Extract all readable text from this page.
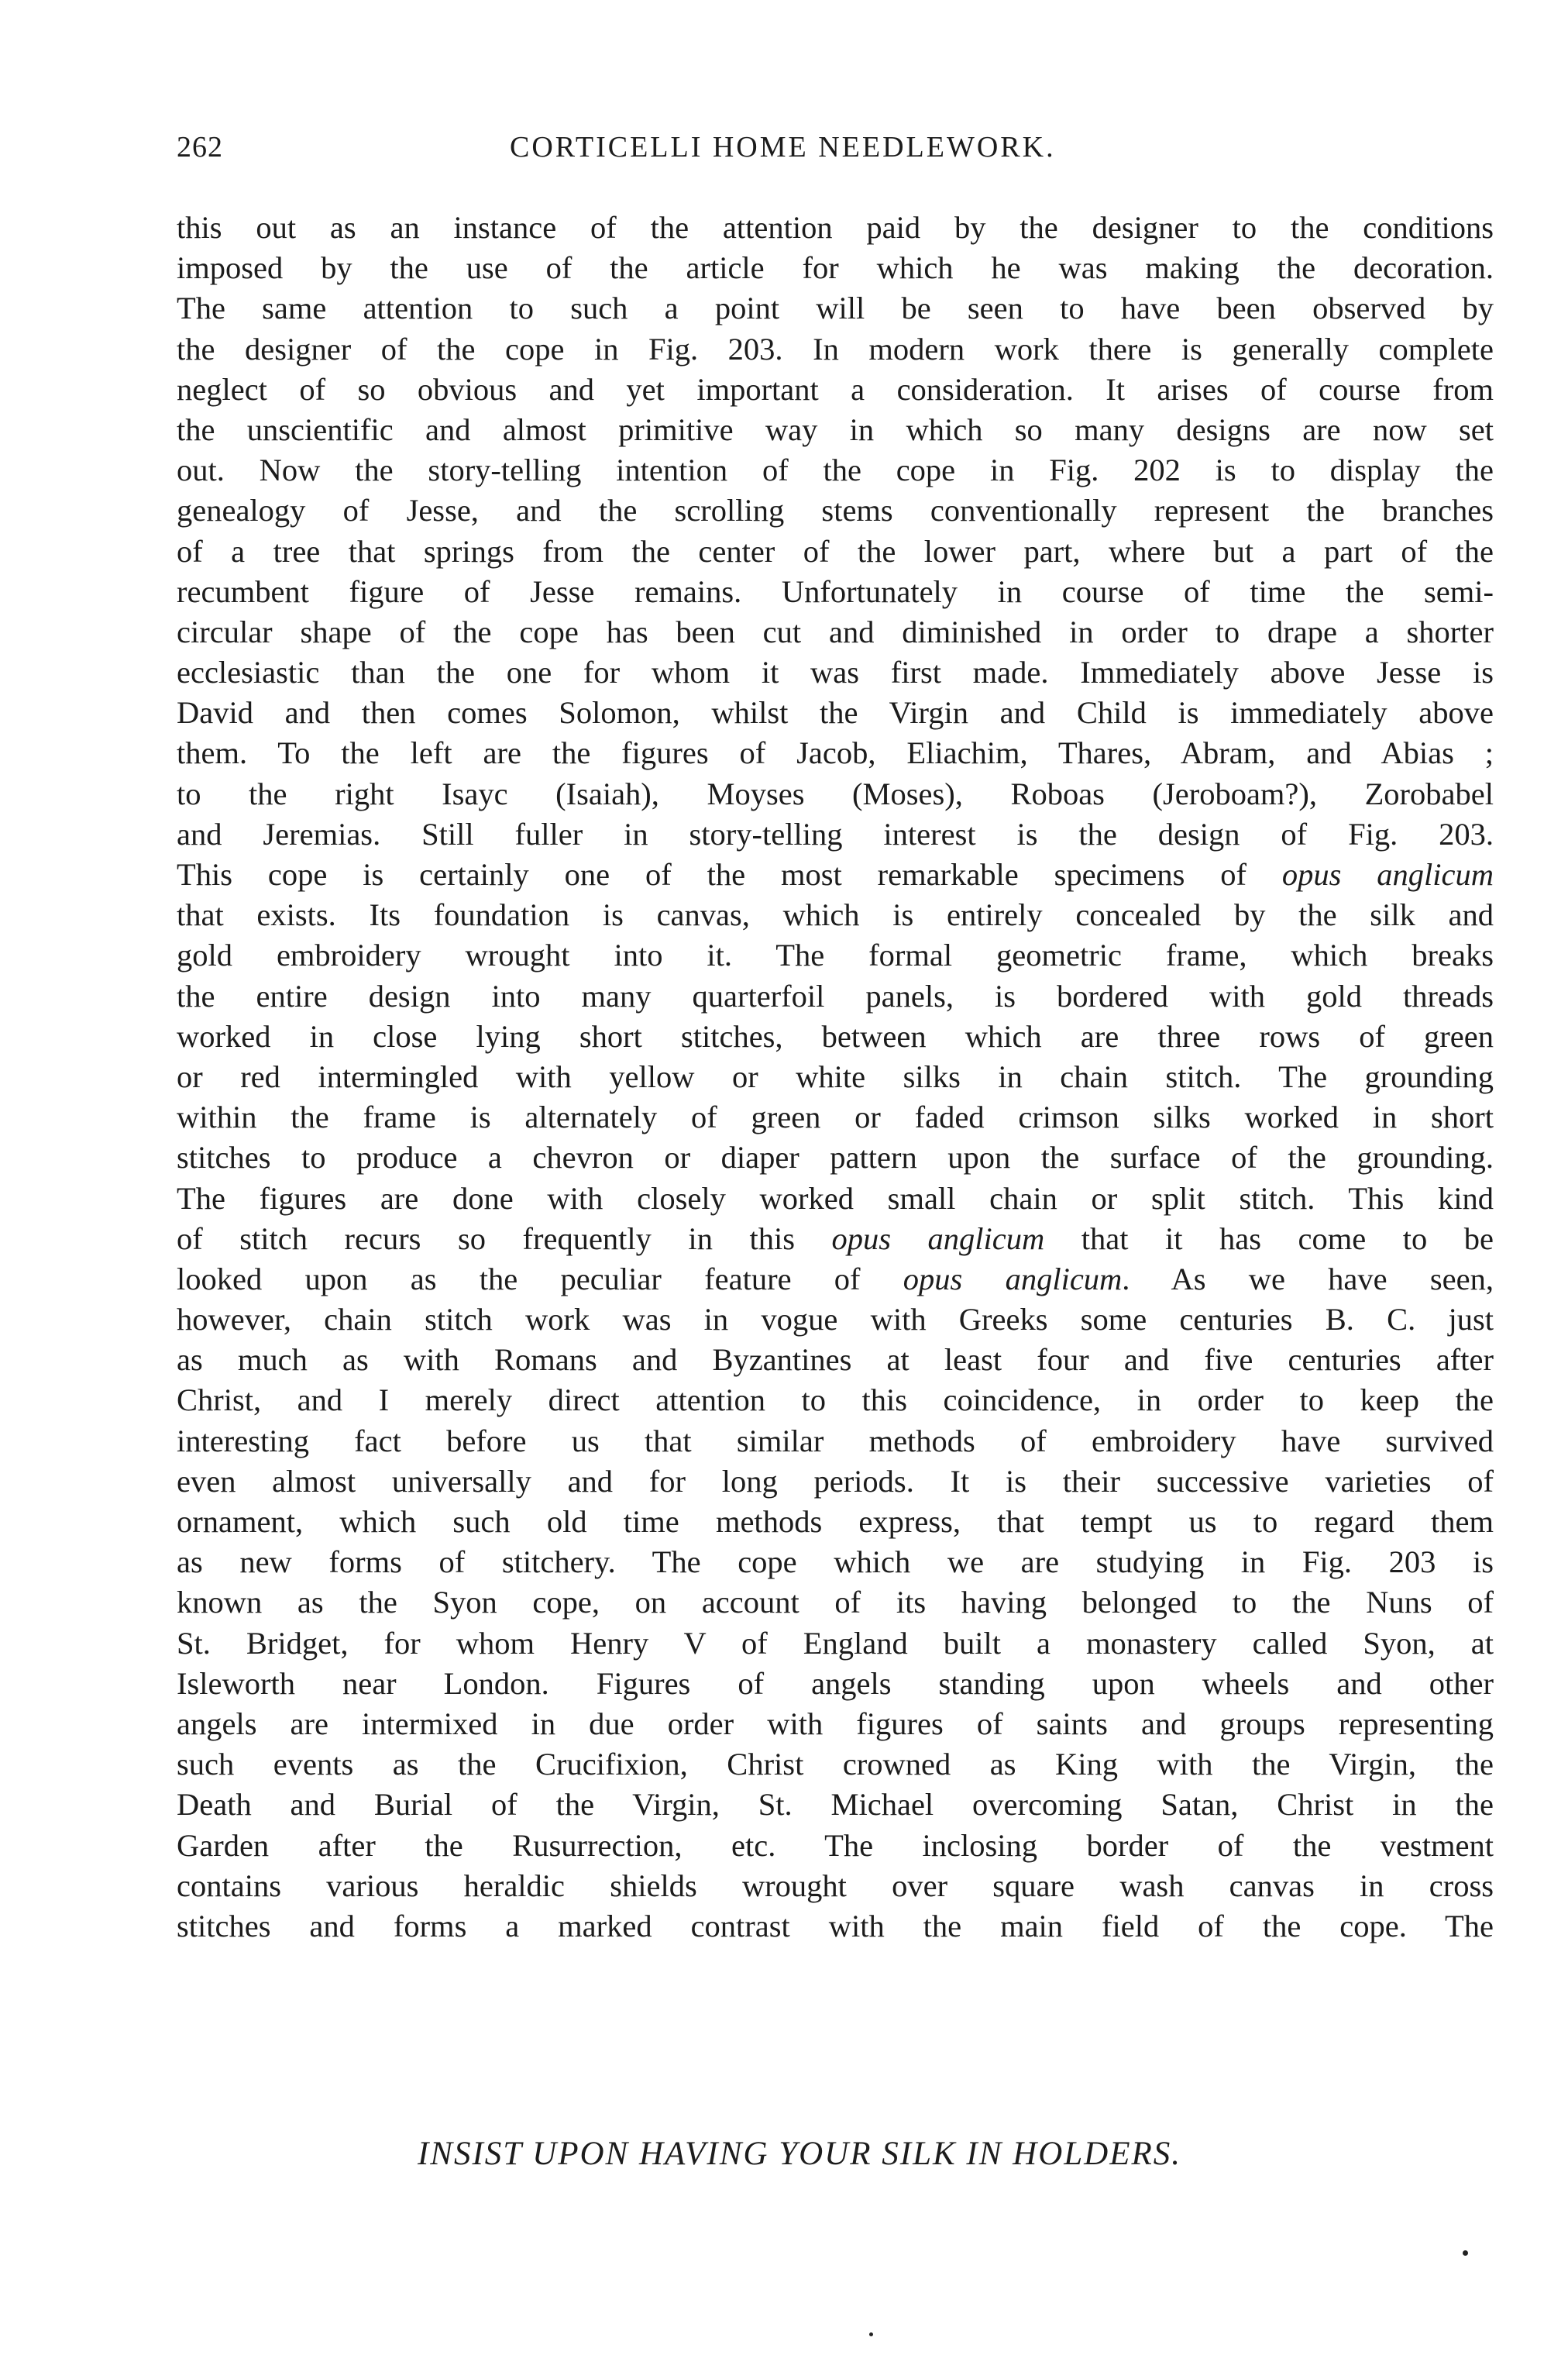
262	CORTICELLI HOME NEEDLEWORK.
this out as an instance of the attention paid by the designer to the conditions
imposed by the use of the article for which he was making the decoration.
The same attention to such a point will be seen to have been observed by
the designer of the cope in Fig. 203. In modern work there is generally complete
neglect of so obvious and yet important a consideration. It arises of course from
the unscientific and almost primitive way in which so many designs are now set
out. Now the story-telling intention of the cope in Fig. 202 is to display the
genealogy of Jesse, and the scrolling stems conventionally represent the branches
of a tree that springs from the center of the lower part, where but a part of the
recumbent figure of Jesse remains. Unfortunately in course of time the semi-
circular shape of the cope has been cut and diminished in order to drape a shorter
ecclesiastic than the one for whom it was first made. Immediately above Jesse is
David and then comes Solomon, whilst the Virgin and Child is immediately above
them. To the left are the figures of Jacob, Eliachim, Thares, Abram, and Abias ;
to the right Isayc (Isaiah), Moyses (Moses), Roboas (Jeroboam?), Zorobabel
and Jeremias. Still fuller in story-telling interest is the design of Fig. 203.
This cope is certainly one of the most remarkable specimens of opus anglicum
that exists. Its foundation is canvas, which is entirely concealed by the silk and
gold embroidery wrought into it. The formal geometric frame, which breaks
the entire design into many quarterfoil panels, is bordered with gold threads
worked in close lying short stitches, between which are three rows of green
or red intermingled with yellow or white silks in chain stitch. The grounding
within the frame is alternately of green or faded crimson silks worked in short
stitches to produce a chevron or diaper pattern upon the surface of the grounding.
The figures are done with closely worked small chain or split stitch. This kind
of stitch recurs so frequently in this opus anglicum that it has come to be
looked upon as the peculiar feature of opus anglicum. As we have seen,
however, chain stitch work was in vogue with Greeks some centuries B. C. just
as much as with Romans and Byzantines at least four and five centuries after
Christ, and I merely direct attention to this coincidence, in order to keep the
interesting fact before us that similar methods of embroidery have survived
even almost universally and for long periods. It is their successive varieties of
ornament, which such old time methods express, that tempt us to regard them
as new forms of stitchery. The cope which we are studying in Fig. 203 is
known as the Syon cope, on account of its having belonged to the Nuns of
St. Bridget, for whom Henry V of England built a monastery called Syon, at
Isleworth near London. Figures of angels standing upon wheels and other
angels are intermixed in due order with figures of saints and groups representing
such events as the Crucifixion, Christ crowned as King with the Virgin, the
Death and Burial of the Virgin, St. Michael overcoming Satan, Christ in the
Garden after the Rusurrection, etc. The inclosing border of the vestment
contains various heraldic shields wrought over square wash canvas in cross
stitches and forms a marked contrast with the main field of the cope. The
INSIST UPON HAVING YOUR SILK IN HOLDERS.
